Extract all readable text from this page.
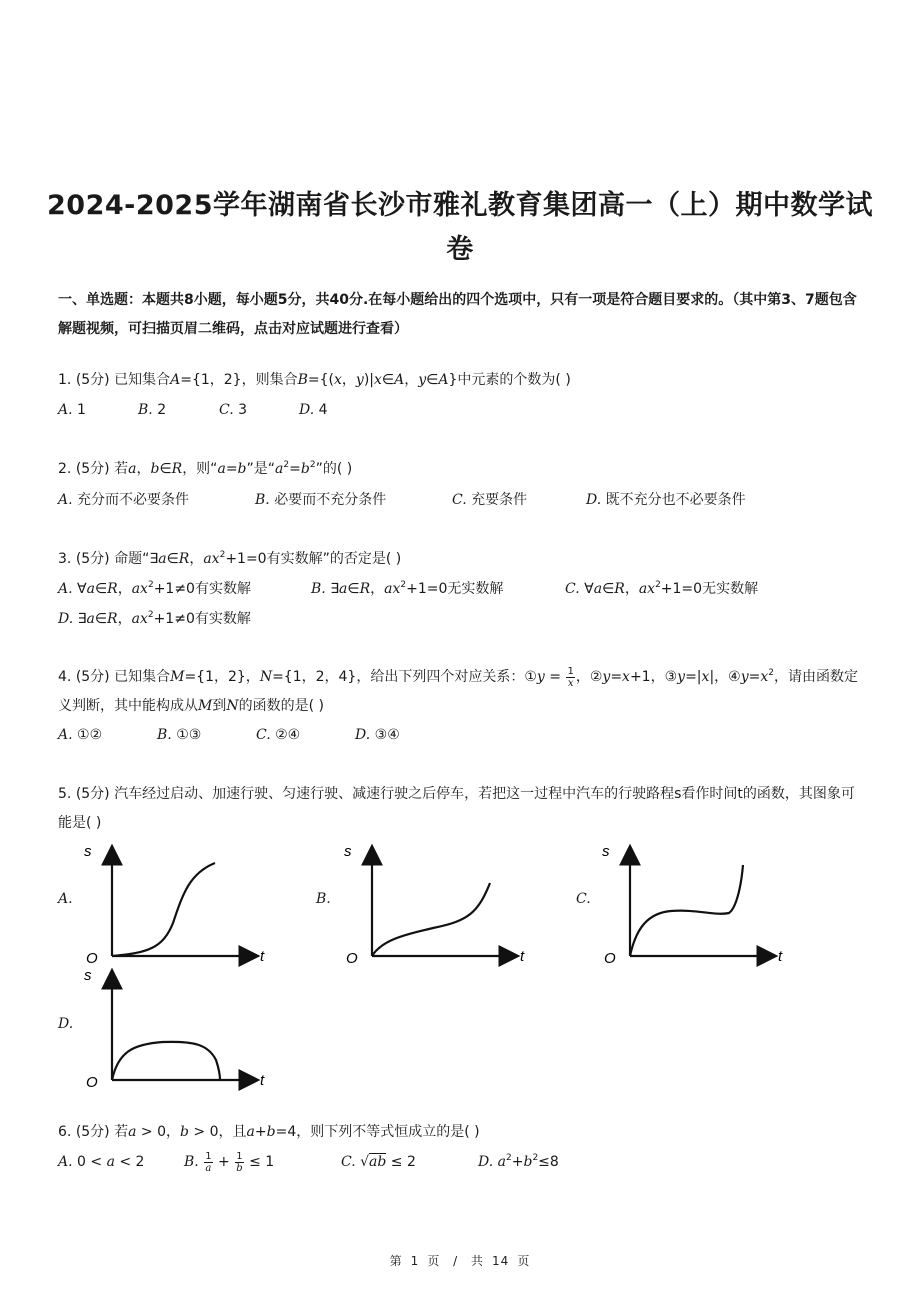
2024-2025学年湖南省长沙市雅礼教育集团高一（上）期中数学试卷
一、单选题：本题共8小题，每小题5分，共40分.在每小题给出的四个选项中，只有一项是符合题目要求的。（其中第3、7题包含解题视频，可扫描页眉二维码，点击对应试题进行查看）
1. (5分) 已知集合A={1，2}，则集合B={(x，y)|x∈A，y∈A}中元素的个数为( )
A. 1	B. 2	C. 3	D. 4
2. (5分) 若a，b∈R，则“a=b”是“$a^2=b^2$”的( )
A. 充分而不必要条件	B. 必要而不充分条件	C. 充要条件	D. 既不充分也不必要条件
3. (5分) 命题“∃a∈R，$ax^2+1=0$有实数解”的否定是( )
A. ∀a∈R，$ax^2+1\ne 0$有实数解	B. ∃a∈R，$ax^2+1=0$无实数解	C. ∀a∈R，$ax^2+1=0$无实数解
D. ∃a∈R，$ax^2+1\ne 0$有实数解
4. (5分) 已知集合M={1，2}，N={1，2，4}，给出下列四个对应关系：①y = $\frac{1}{x}$ ，②y=x+1，③y=|x|，$④y=x^2$，请由函数定义判断，其中能构成从M到N的函数的是( )
A. ①②	B. ①③	C. ②④	D. ③④
5. (5分) 汽车经过启动、加速行驶、匀速行驶、减速行驶之后停车，若把这一过程中汽车的行驶路程s看作时间t的函数，其图象可能是( )
A.
s
t
O
B.
s
t
O
C.
s
t
O
D.
s
t
O
6. (5分) 若a > 0，b > 0，且a+b=4，则下列不等式恒成立的是( )
A. 0 < a < 2	B. $\frac{1}{a} + \frac{1}{b} \le 1$	C. √ab ≤ 2	D. $a^2+b^2\le 8$
第 1 页 / 共 14 页
